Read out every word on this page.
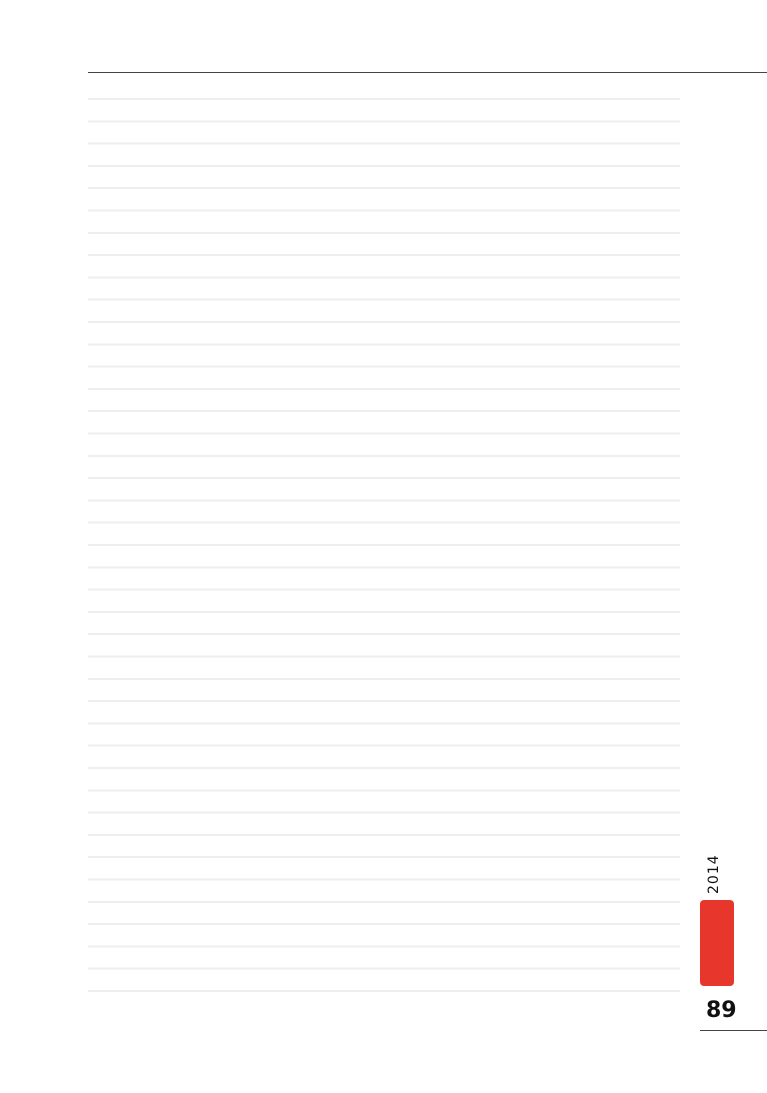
2014
89
